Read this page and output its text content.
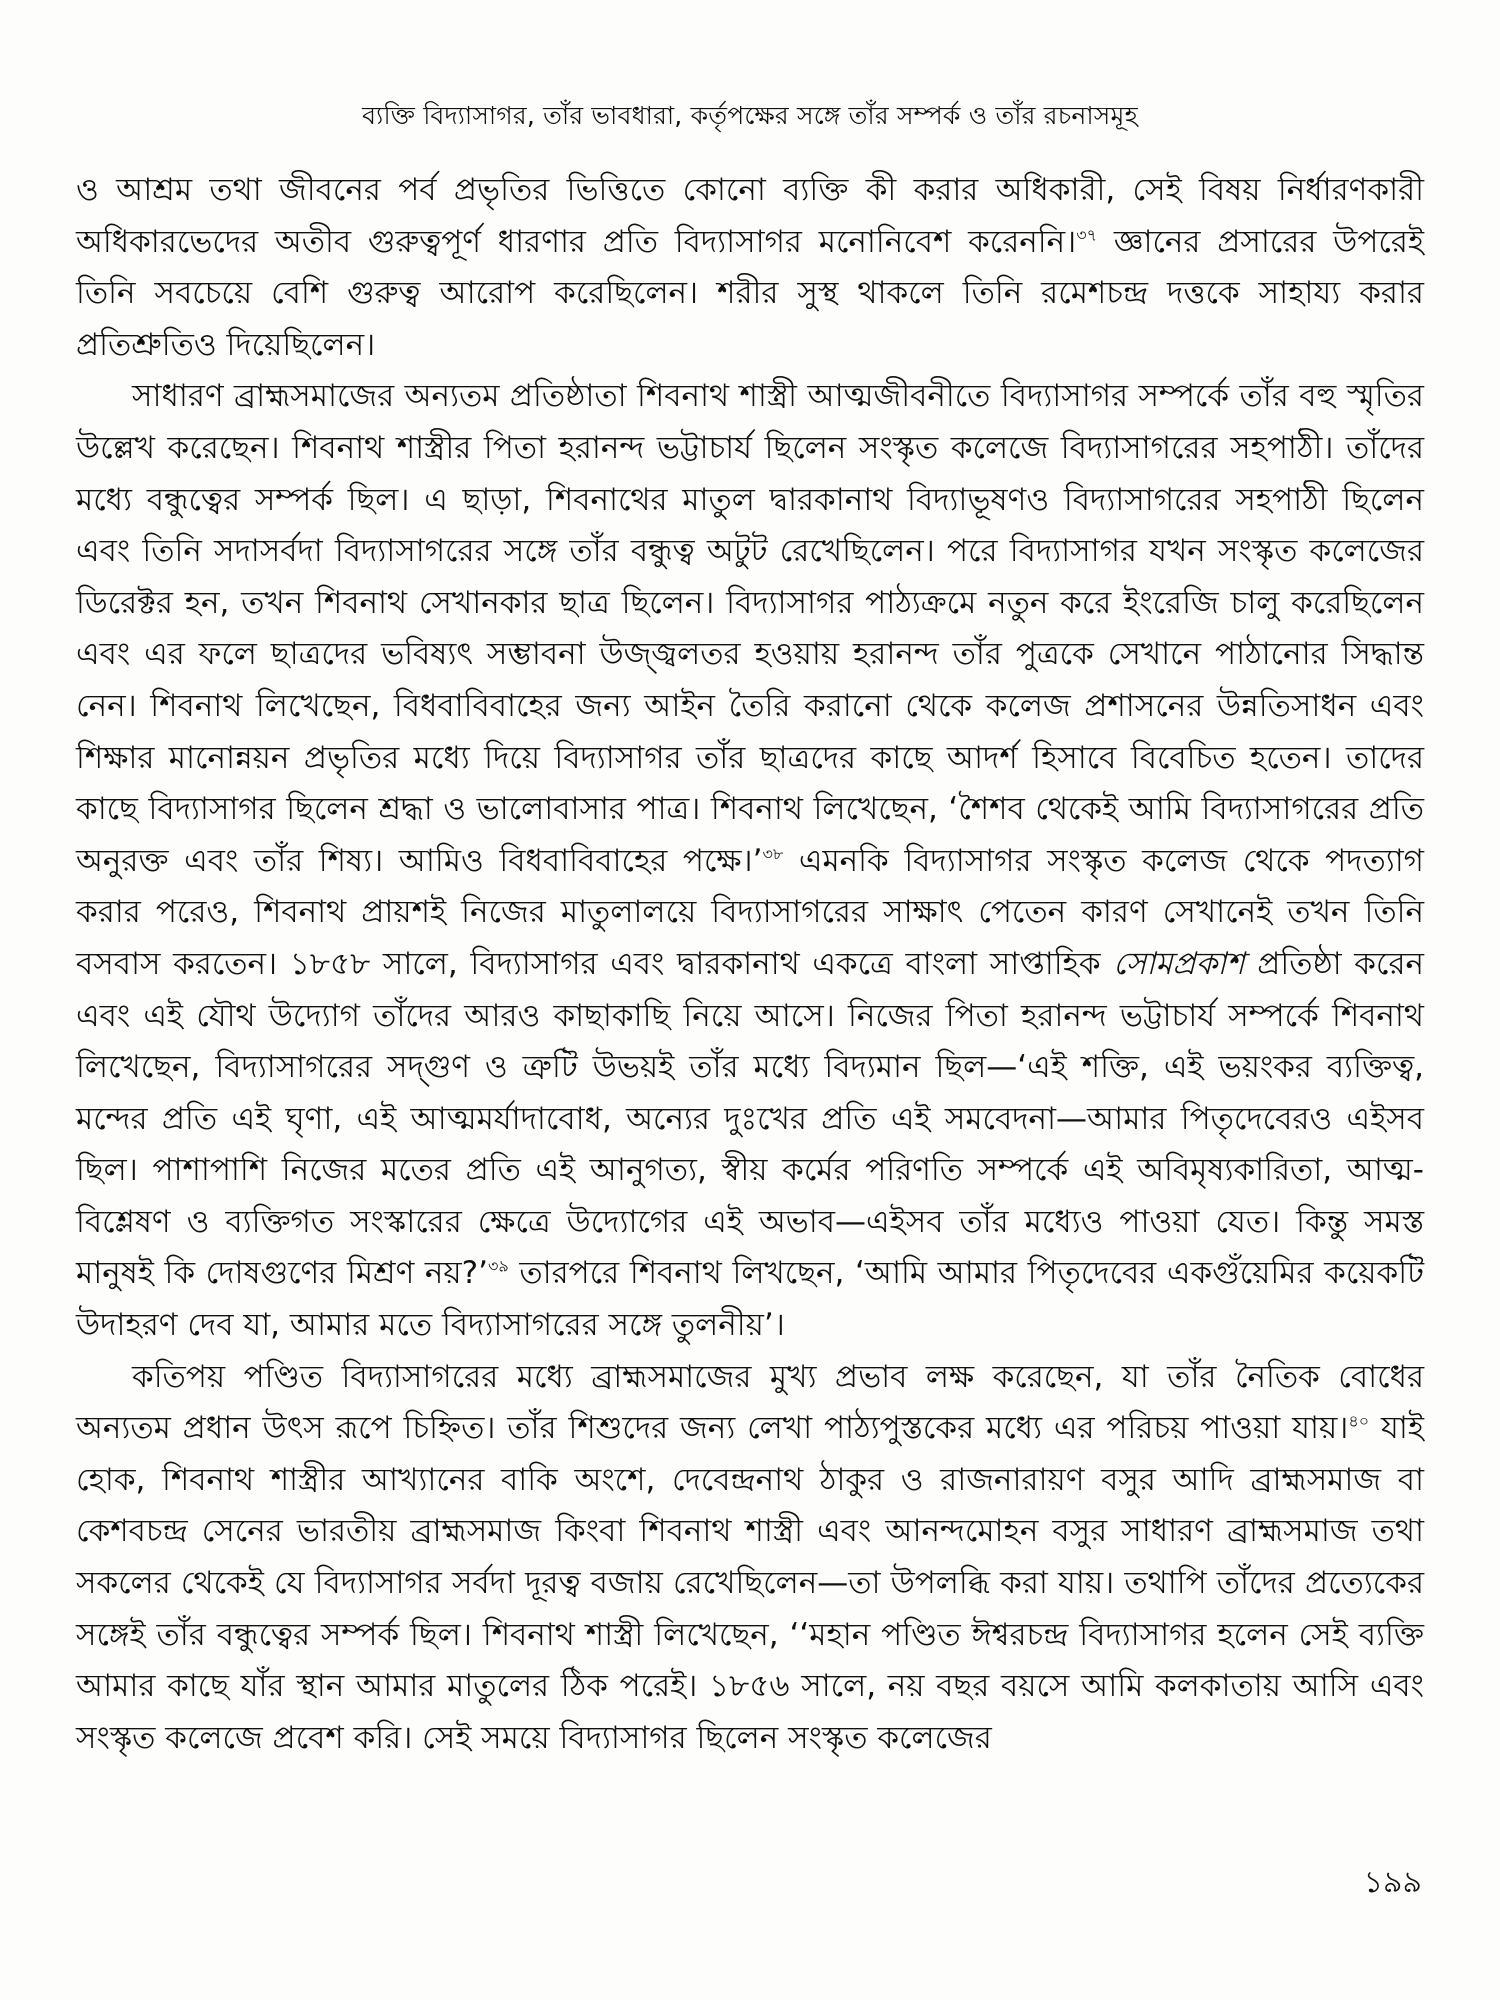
ব্যক্তি বিদ্যাসাগর, তাঁর ভাবধারা, কর্তৃপক্ষের সঙ্গে তাঁর সম্পর্ক ও তাঁর রচনাসমূহ

ও আশ্রম তথা জীবনের পর্ব প্রভৃতির ভিত্তিতে কোনো ব্যক্তি কী করার অধিকারী, সেই বিষয় নির্ধারণকারী অধিকারভেদের অতীব গুরুত্বপূর্ণ ধারণার প্রতি বিদ্যাসাগর মনোনিবেশ করেননি।$^{৩৭}$ জ্ঞানের প্রসারের উপরেই তিনি সবচেয়ে বেশি গুরুত্ব আরোপ করেছিলেন। শরীর সুস্থ থাকলে তিনি রমেশচন্দ্র দত্তকে সাহায্য করার প্রতিশ্রুতিও দিয়েছিলেন।

সাধারণ ব্রাহ্মসমাজের অন্যতম প্রতিষ্ঠাতা শিবনাথ শাস্ত্রী আত্মজীবনীতে বিদ্যাসাগর সম্পর্কে তাঁর বহু স্মৃতির উল্লেখ করেছেন। শিবনাথ শাস্ত্রীর পিতা হরানন্দ ভট্টাচার্য ছিলেন সংস্কৃত কলেজে বিদ্যাসাগরের সহপাঠী। তাঁদের মধ্যে বন্ধুত্বের সম্পর্ক ছিল। এ ছাড়া, শিবনাথের মাতুল দ্বারকানাথ বিদ্যাভূষণও বিদ্যাসাগরের সহপাঠী ছিলেন এবং তিনি সদাসর্বদা বিদ্যাসাগরের সঙ্গে তাঁর বন্ধুত্ব অটুট রেখেছিলেন। পরে বিদ্যাসাগর যখন সংস্কৃত কলেজের ডিরেক্টর হন, তখন শিবনাথ সেখানকার ছাত্র ছিলেন। বিদ্যাসাগর পাঠ্যক্রমে নতুন করে ইংরেজি চালু করেছিলেন এবং এর ফলে ছাত্রদের ভবিষ্যৎ সম্ভাবনা উজ্জ্বলতর হওয়ায় হরানন্দ তাঁর পুত্রকে সেখানে পাঠানোর সিদ্ধান্ত নেন। শিবনাথ লিখেছেন, বিধবাবিবাহের জন্য আইন তৈরি করানো থেকে কলেজ প্রশাসনের উন্নতিসাধন এবং শিক্ষার মানোন্নয়ন প্রভৃতির মধ্যে দিয়ে বিদ্যাসাগর তাঁর ছাত্রদের কাছে আদর্শ হিসাবে বিবেচিত হতেন। তাদের কাছে বিদ্যাসাগর ছিলেন শ্রদ্ধা ও ভালোবাসার পাত্র। শিবনাথ লিখেছেন, ‘শৈশব থেকেই আমি বিদ্যাসাগরের প্রতি অনুরক্ত এবং তাঁর শিষ্য। আমিও বিধবাবিবাহের পক্ষে।’$^{৩৮}$ এমনকি বিদ্যাসাগর সংস্কৃত কলেজ থেকে পদত্যাগ করার পরেও, শিবনাথ প্রায়শই নিজের মাতুলালয়ে বিদ্যাসাগরের সাক্ষাৎ পেতেন কারণ সেখানেই তখন তিনি বসবাস করতেন। ১৮৫৮ সালে, বিদ্যাসাগর এবং দ্বারকানাথ একত্রে বাংলা সাপ্তাহিক সোমপ্রকাশ প্রতিষ্ঠা করেন এবং এই যৌথ উদ্যোগ তাঁদের আরও কাছাকাছি নিয়ে আসে। নিজের পিতা হরানন্দ ভট্টাচার্য সম্পর্কে শিবনাথ লিখেছেন, বিদ্যাসাগরের সদ্‌গুণ ও ত্রুটি উভয়ই তাঁর মধ্যে বিদ্যমান ছিল—‘এই শক্তি, এই ভয়ংকর ব্যক্তিত্ব, মন্দের প্রতি এই ঘৃণা, এই আত্মমর্যাদাবোধ, অন্যের দুঃখের প্রতি এই সমবেদনা—আমার পিতৃদেবেরও এইসব ছিল। পাশাপাশি নিজের মতের প্রতি এই আনুগত্য, স্বীয় কর্মের পরিণতি সম্পর্কে এই অবিমৃষ্যকারিতা, আত্ম-বিশ্লেষণ ও ব্যক্তিগত সংস্কারের ক্ষেত্রে উদ্যোগের এই অভাব—এইসব তাঁর মধ্যেও পাওয়া যেত। কিন্তু সমস্ত মানুষই কি দোষগুণের মিশ্রণ নয়?’$^{৩৯}$ তারপরে শিবনাথ লিখছেন, ‘আমি আমার পিতৃদেবের একগুঁয়েমির কয়েকটি উদাহরণ দেব যা, আমার মতে বিদ্যাসাগরের সঙ্গে তুলনীয়’।

কতিপয় পণ্ডিত বিদ্যাসাগরের মধ্যে ব্রাহ্মসমাজের মুখ্য প্রভাব লক্ষ করেছেন, যা তাঁর নৈতিক বোধের অন্যতম প্রধান উৎস রূপে চিহ্নিত। তাঁর শিশুদের জন্য লেখা পাঠ্যপুস্তকের মধ্যে এর পরিচয় পাওয়া যায়।$^{৪০}$ যাই হোক, শিবনাথ শাস্ত্রীর আখ্যানের বাকি অংশে, দেবেন্দ্রনাথ ঠাকুর ও রাজনারায়ণ বসুর আদি ব্রাহ্মসমাজ বা কেশবচন্দ্র সেনের ভারতীয় ব্রাহ্মসমাজ কিংবা শিবনাথ শাস্ত্রী এবং আনন্দমোহন বসুর সাধারণ ব্রাহ্মসমাজ তথা সকলের থেকেই যে বিদ্যাসাগর সর্বদা দূরত্ব বজায় রেখেছিলেন—তা উপলব্ধি করা যায়। তথাপি তাঁদের প্রত্যেকের সঙ্গেই তাঁর বন্ধুত্বের সম্পর্ক ছিল। শিবনাথ শাস্ত্রী লিখেছেন, ‘‘মহান পণ্ডিত ঈশ্বরচন্দ্র বিদ্যাসাগর হলেন সেই ব্যক্তি আমার কাছে যাঁর স্থান আমার মাতুলের ঠিক পরেই। ১৮৫৬ সালে, নয় বছর বয়সে আমি কলকাতায় আসি এবং সংস্কৃত কলেজে প্রবেশ করি। সেই সময়ে বিদ্যাসাগর ছিলেন সংস্কৃত কলেজের

১৯৯
